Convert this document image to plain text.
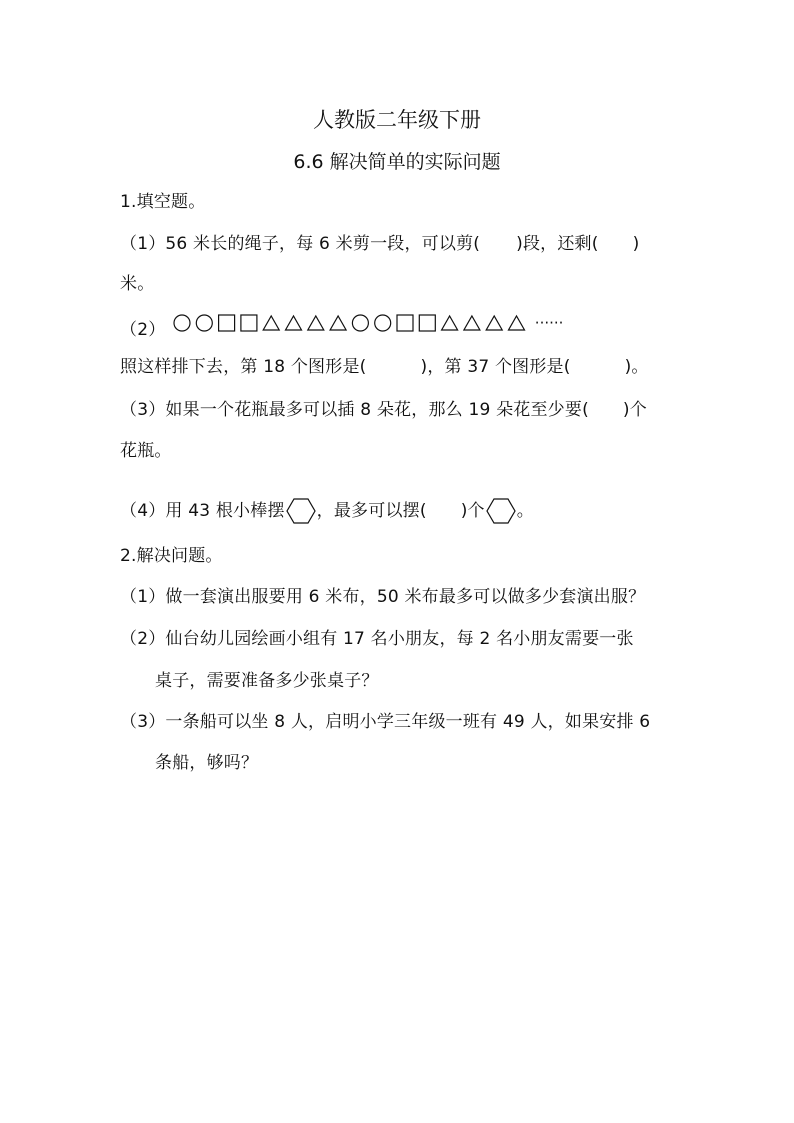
人教版二年级下册
6.6 解决简单的实际问题
1.填空题。
（1）56 米长的绳子，每 6 米剪一段，可以剪( )段，还剩( )
米。
（2）	······
照这样排下去，第 18 个图形是(	)，第 37 个图形是(	)。
（3）如果一个花瓶最多可以插 8 朵花，那么 19 朵花至少要( )个
花瓶。
（4）用 43 根小棒摆 ，最多可以摆( )个 。
2.解决问题。
（1）做一套演出服要用 6 米布，50 米布最多可以做多少套演出服？
（2）仙台幼儿园绘画小组有 17 名小朋友，每 2 名小朋友需要一张
桌子，需要准备多少张桌子？
（3）一条船可以坐 8 人，启明小学三年级一班有 49 人，如果安排 6
条船，够吗？
